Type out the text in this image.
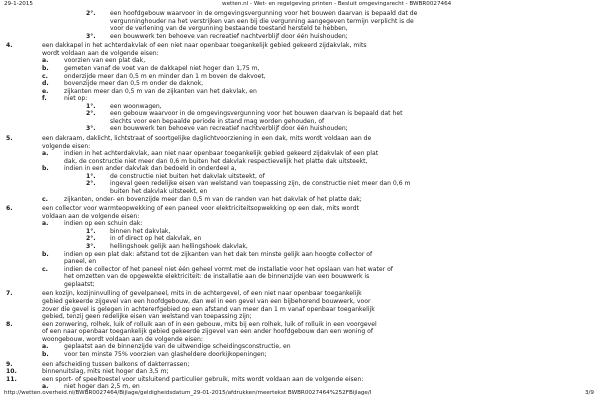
29-1-2015	wetten.nl - Wet- en regelgeving printen - Besluit omgevingsrecht - BWBR0027464
2°. een hoofdgebouw waarvoor in de omgevingsvergunning voor het bouwen daarvan is bepaald dat de
vergunninghouder na het verstrijken van een bij die vergunning aangegeven termijn verplicht is de
voor de verlening van de vergunning bestaande toestand hersteld te hebben,
3°. een bouwwerk ten behoeve van recreatief nachtverblijf door één huishouden;
4.	een dakkapel in het achterdakvlak of een niet naar openbaar toegankelijk gebied gekeerd zijdakvlak, mits
wordt voldaan aan de volgende eisen:
a.	voorzien van een plat dak,
b.	gemeten vanaf de voet van de dakkapel niet hoger dan 1,75 m,
c.	onderzijde meer dan 0,5 m en minder dan 1 m boven de dakvoet,
d.	bovenzijde meer dan 0,5 m onder de daknok,
e.	zijkanten meer dan 0,5 m van de zijkanten van het dakvlak, en
f.	niet op:
1°. een woonwagen,
2°. een gebouw waarvoor in de omgevingsvergunning voor het bouwen daarvan is bepaald dat het
slechts voor een bepaalde periode in stand mag worden gehouden, of
3°. een bouwwerk ten behoeve van recreatief nachtverblijf door één huishouden;
5.	een dakraam, daklicht, lichtstraat of soortgelijke daglichtvoorziening in een dak, mits wordt voldaan aan de
volgende eisen:
a.	indien in het achterdakvlak, aan niet naar openbaar toegankelijk gebied gekeerd zijdakvlak of een plat
dak, de constructie niet meer dan 0,6 m buiten het dakvlak respectievelijk het platte dak uitsteekt,
b.	indien in een ander dakvlak dan bedoeld in onderdeel a,
1°. de constructie niet buiten het dakvlak uitsteekt, of
2°. ingeval geen redelijke eisen van welstand van toepassing zijn, de constructie niet meer dan 0,6 m
buiten het dakvlak uitsteekt, en
c.	zijkanten, onder- en bovenzijde meer dan 0,5 m van de randen van het dakvlak of het platte dak;
6.	een collector voor warmteopwekking of een paneel voor elektriciteitsopwekking op een dak, mits wordt
voldaan aan de volgende eisen:
a.	indien op een schuin dak:
1°. binnen het dakvlak,
2°. in of direct op het dakvlak, en
3°. hellingshoek gelijk aan hellingshoek dakvlak,
b.	indien op een plat dak: afstand tot de zijkanten van het dak ten minste gelijk aan hoogte collector of
paneel, en
c.	indien de collector of het paneel niet één geheel vormt met de installatie voor het opslaan van het water of
het omzetten van de opgewekte elektriciteit: de installatie aan de binnenzijde van een bouwwerk is
geplaatst;
7.	een kozijn, kozijninvulling of gevelpaneel, mits in de achtergevel, of een niet naar openbaar toegankelijk
gebied gekeerde zijgevel van een hoofdgebouw, dan wel in een gevel van een bijbehorend bouwwerk, voor
zover die gevel is gelegen in achtererfgebied op een afstand van meer dan 1 m vanaf openbaar toegankelijk
gebied, tenzij geen redelijke eisen van welstand van toepassing zijn;
8.	een zonwering, rolhek, luik of rolluik aan of in een gebouw, mits bij een rolhek, luik of rolluik in een voorgevel
of een naar openbaar toegankelijk gebied gekeerde zijgevel van een ander hoofdgebouw dan een woning of
woongebouw, wordt voldaan aan de volgende eisen:
a.	geplaatst aan de binnenzijde van de uitwendige scheidingsconstructie, en
b.	voor ten minste 75% voorzien van glasheldere doorkijkopeningen;
9.	een afscheiding tussen balkons of dakterrassen;
10.	binnenuitslag, mits niet hoger dan 3,5 m;
11.	een sport- of speeltoestel voor uitsluitend particulier gebruik, mits wordt voldaan aan de volgende eisen:
a.	niet hoger dan 2,5 m, en
http://wetten.overheid.nl/BWBR0027464/Bijlage/geldigheidsdatum_29-01-2015/afdrukken/meertekst BWBR0027464%252FBijlage/I	3/9
